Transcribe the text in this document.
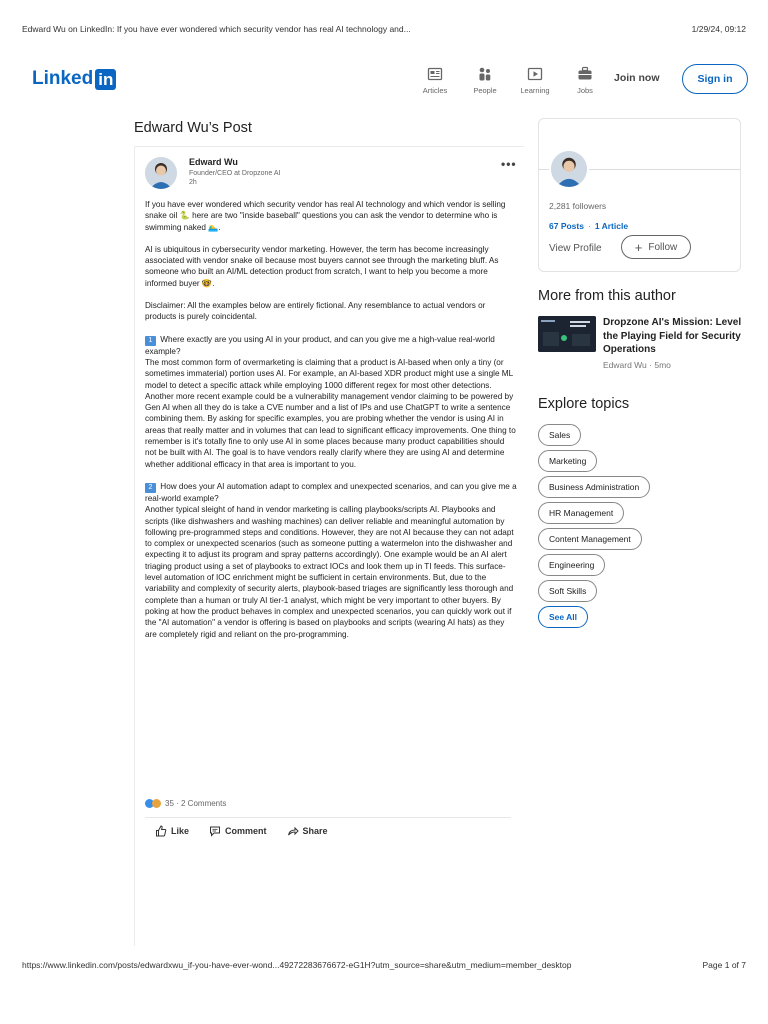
Edward Wu on LinkedIn: If you have ever wondered which security vendor has real AI technology and...	1/29/24, 09:12
Linked in
Articles	People	Learning	Jobs
Join now	Sign in
Edward Wu’s Post
Edward Wu
Founder/CEO at Dropzone AI
2h
•••

If you have ever wondered which security vendor has real AI technology and which vendor is selling snake oil 🐍 here are two "inside baseball" questions you can ask the vendor to determine who is swimming naked 🏊‍♂️.

AI is ubiquitous in cybersecurity vendor marketing. However, the term has become increasingly associated with vendor snake oil because most buyers cannot see through the marketing bluff. As someone who built an AI/ML detection product from scratch, I want to help you become a more informed buyer 🤓.

Disclaimer: All the examples below are entirely fictional. Any resemblance to actual vendors or products is purely coincidental.

1 Where exactly are you using AI in your product, and can you give me a high-value real-world example?
The most common form of overmarketing is claiming that a product is AI-based when only a tiny (or sometimes immaterial) portion uses AI. For example, an AI-based XDR product might use a single ML model to detect a specific attack while employing 1000 different regex for most other detections. Another more recent example could be a vulnerability management vendor claiming to be powered by Gen AI when all they do is take a CVE number and a list of IPs and use ChatGPT to write a sentence combining them. By asking for specific examples, you are probing whether the vendor is using AI in areas that really matter and in volumes that can lead to significant efficacy improvements. One thing to remember is it's totally fine to only use AI in some places because many product capabilities should not be built with AI. The goal is to have vendors really clarify where they are using AI and determine whether additional efficacy in that area is important to you.

2 How does your AI automation adapt to complex and unexpected scenarios, and can you give me a real-world example?
Another typical sleight of hand in vendor marketing is calling playbooks/scripts AI. Playbooks and scripts (like dishwashers and washing machines) can deliver reliable and meaningful automation by following pre-programmed steps and conditions. However, they are not AI because they can not adapt to complex or unexpected scenarios (such as someone putting a watermelon into the dishwasher and expecting it to adjust its program and spray patterns accordingly). One example would be an AI alert triaging product using a set of playbooks to extract IOCs and look them up in TI feeds. This surface-level automation of IOC enrichment might be sufficient in certain environments. But, due to the variability and complexity of security alerts, playbook-based triages are significantly less thorough and complete than a human or truly AI tier-1 analyst, which might be very important to other buyers. By poking at how the product behaves in complex and unexpected scenarios, you can quickly work out if the "AI automation" a vendor is offering is based on playbooks and scripts (wearing AI hats) as they are completely rigid and reliant on the pro-programming.

35 · 2 Comments
Like	Comment	Share
2,281 followers
67 Posts · 1 Article
View Profile	+ Follow
More from this author
Dropzone AI's Mission: Level the Playing Field for Security Operations
Edward Wu · 5mo
Explore topics
Sales
Marketing
Business Administration
HR Management
Content Management
Engineering
Soft Skills
See All
https://www.linkedin.com/posts/edwardxwu_if-you-have-ever-wond...49272283676672-eG1H?utm_source=share&utm_medium=member_desktop	Page 1 of 7
